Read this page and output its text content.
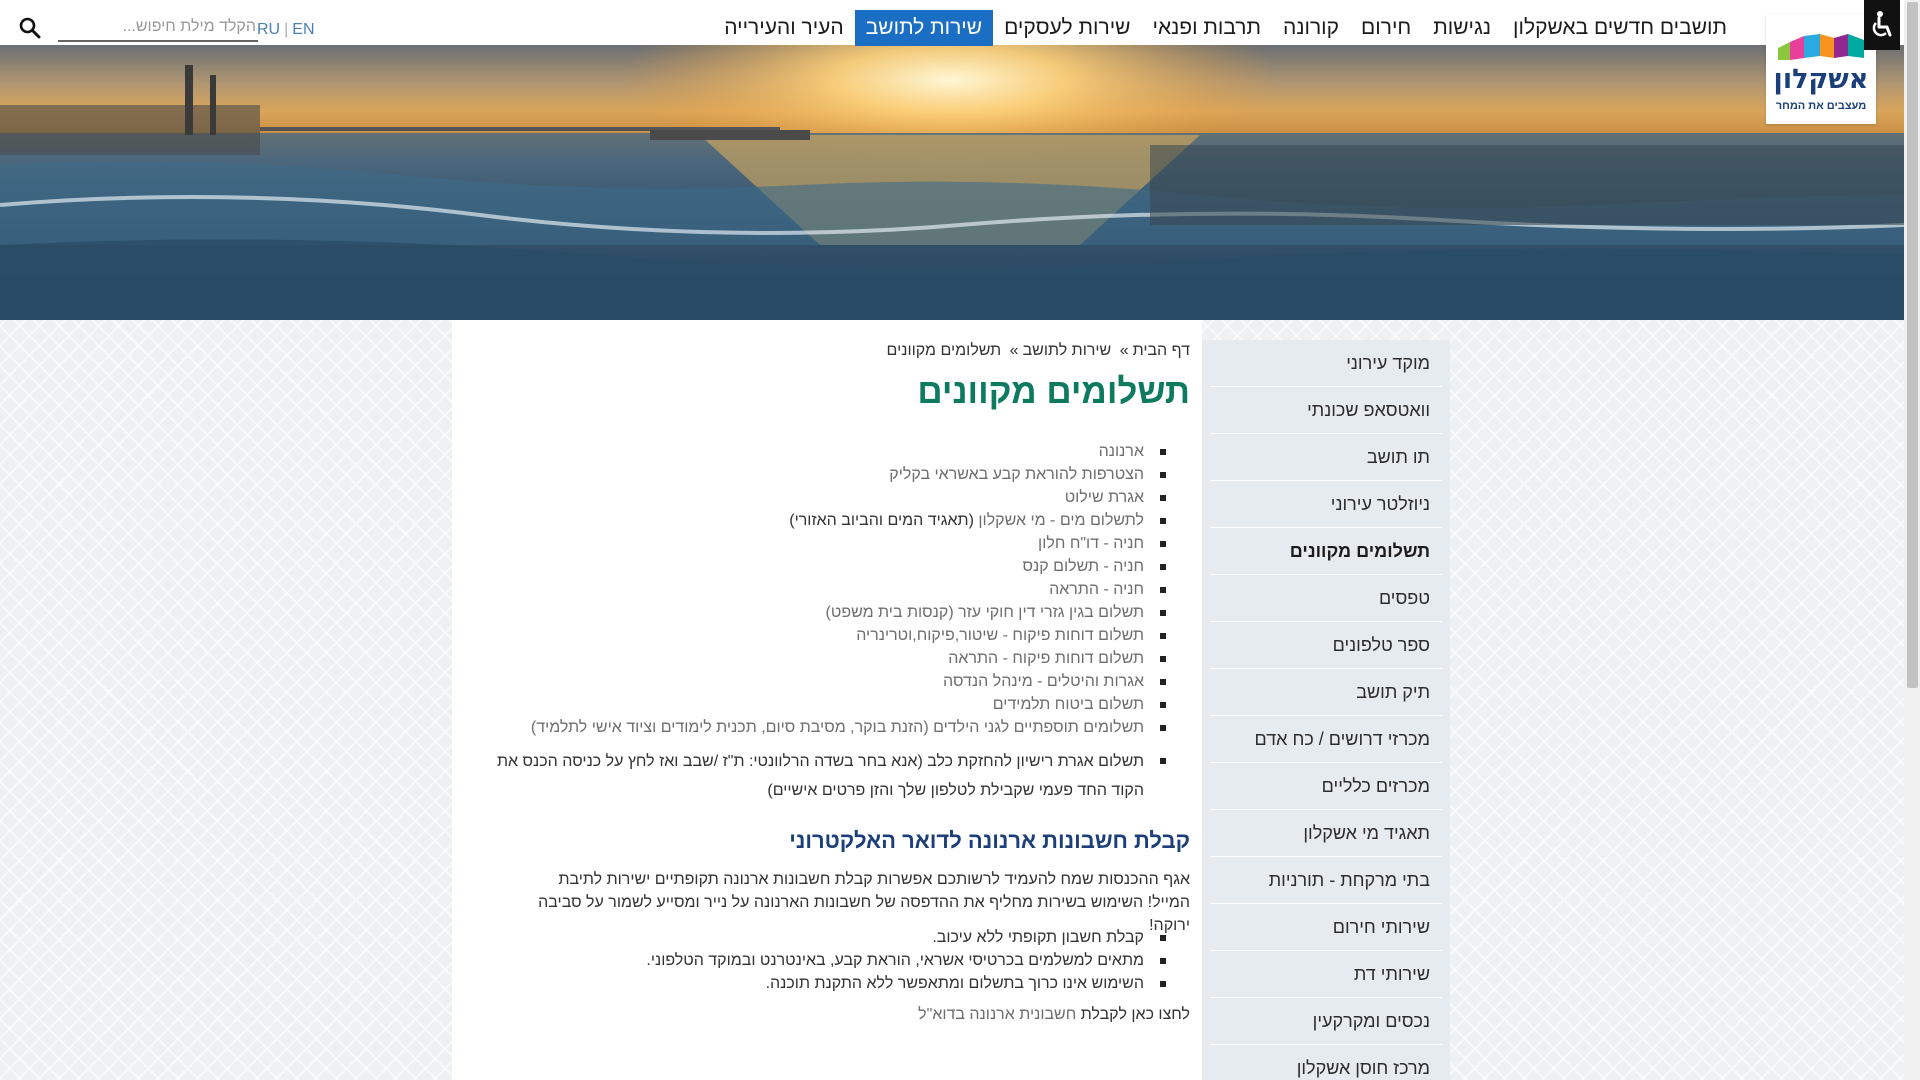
הקלד מילת חיפוש...
RU | EN	העיר והעירייה	שירות לתושב	שירות לעסקים	תרבות ופנאי	קורונה	חירום	נגישות	תושבים חדשים באשקלון
אשקלון
מעצבים את המחר
דף הבית» שירות לתושב» תשלומים מקוונים
תשלומים מקוונים
ארנונה
הצטרפות להוראת קבע באשראי בקליק
אגרת שילוט
לתשלום מים - מי אשקלון (תאגיד המים והביוב האזורי)
חניה - דו"ח חלון
חניה - תשלום קנס
חניה - התראה
תשלום בגין גזרי דין חוקי עזר (קנסות בית משפט)
תשלום דוחות פיקוח - שיטור,פיקוח,וטרינריה
תשלום דוחות פיקוח - התראה
אגרות והיטלים - מינהל הנדסה
תשלום ביטוח תלמידים
תשלומים תוספתיים לגני הילדים (הזנת בוקר, מסיבת סיום, תכנית לימודים וציוד אישי לתלמיד)
תשלום אגרת רישיון להחזקת כלב (אנא בחר בשדה הרלוונטי: ת"ז /שבב ואז לחץ על כניסה הכנס את הקוד החד פעמי שקבילת לטלפון שלך והזן פרטים אישיים)
קבלת חשבונות ארנונה לדואר האלקטרוני

אגף ההכנסות שמח להעמיד לרשותכם אפשרות קבלת חשבונות ארנונה תקופתיים ישירות לתיבת המייל! השימוש בשירות מחליף את ההדפסה של חשבונות הארנונה על נייר ומסייע לשמור על סביבה ירוקה!

קבלת חשבון תקופתי ללא עיכוב.
מתאים למשלמים בכרטיסי אשראי, הוראת קבע, באינטרנט ובמוקד הטלפוני.
השימוש אינו כרוך בתשלום ומתאפשר ללא התקנת תוכנה.
לחצו כאן לקבלת חשבונית ארנונה בדוא"ל
מוקד עירוני
וואטסאפ שכונתי
תו תושב
ניוזלטר עירוני
תשלומים מקוונים
טפסים
ספר טלפונים
תיק תושב
מכרזי דרושים / כח אדם
מכרזים כלליים
תאגיד מי אשקלון
בתי מרקחת - תורניות
שירותי חירום
שירותי דת
נכסים ומקרקעין
מרכז חוסן אשקלון
